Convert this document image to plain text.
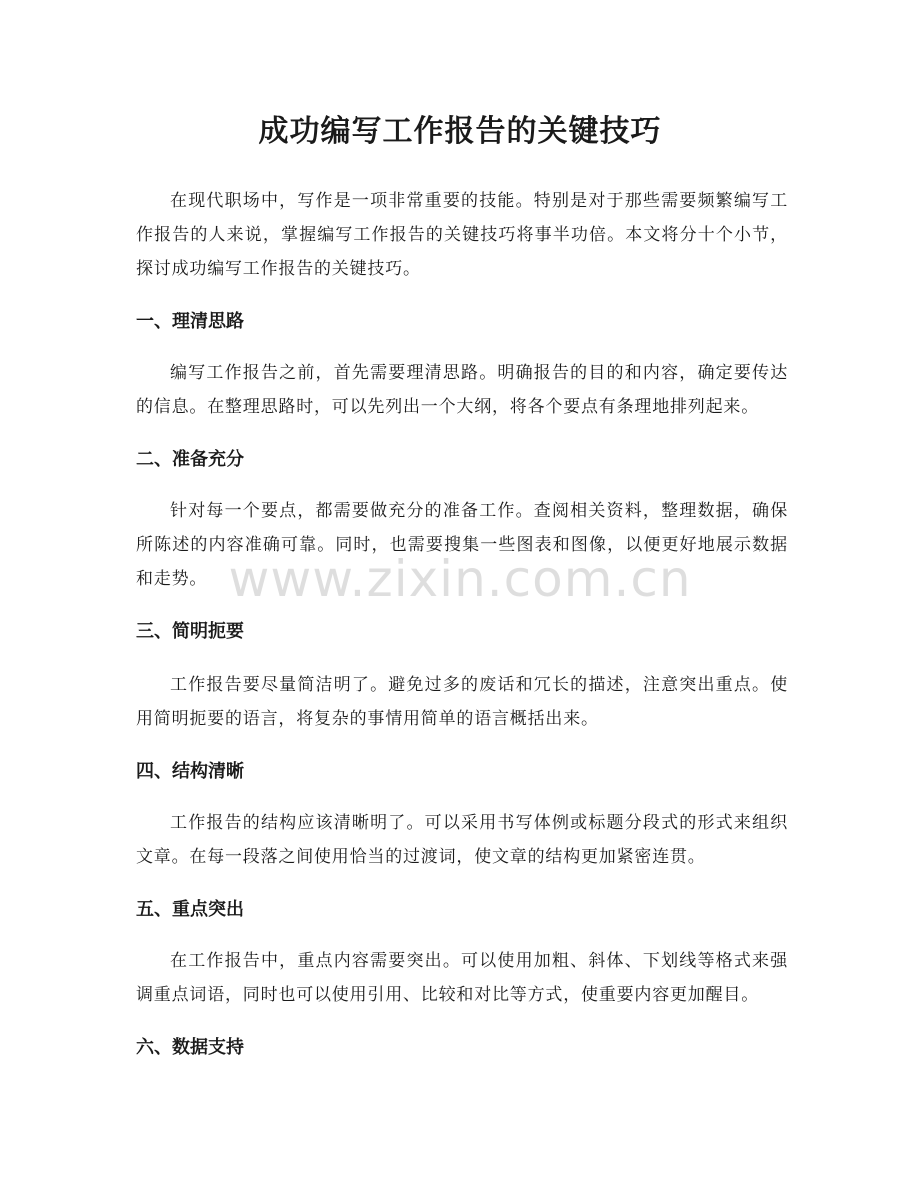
成功编写工作报告的关键技巧

在现代职场中，写作是一项非常重要的技能。特别是对于那些需要频繁编写工作报告的人来说，掌握编写工作报告的关键技巧将事半功倍。本文将分十个小节，探讨成功编写工作报告的关键技巧。

一、理清思路

编写工作报告之前，首先需要理清思路。明确报告的目的和内容，确定要传达的信息。在整理思路时，可以先列出一个大纲，将各个要点有条理地排列起来。

二、准备充分

针对每一个要点，都需要做充分的准备工作。查阅相关资料，整理数据，确保所陈述的内容准确可靠。同时，也需要搜集一些图表和图像，以便更好地展示数据和走势。

三、简明扼要

工作报告要尽量简洁明了。避免过多的废话和冗长的描述，注意突出重点。使用简明扼要的语言，将复杂的事情用简单的语言概括出来。

四、结构清晰

工作报告的结构应该清晰明了。可以采用书写体例或标题分段式的形式来组织文章。在每一段落之间使用恰当的过渡词，使文章的结构更加紧密连贯。

五、重点突出

在工作报告中，重点内容需要突出。可以使用加粗、斜体、下划线等格式来强调重点词语，同时也可以使用引用、比较和对比等方式，使重要内容更加醒目。

六、数据支持
www.zixin.com.cn
